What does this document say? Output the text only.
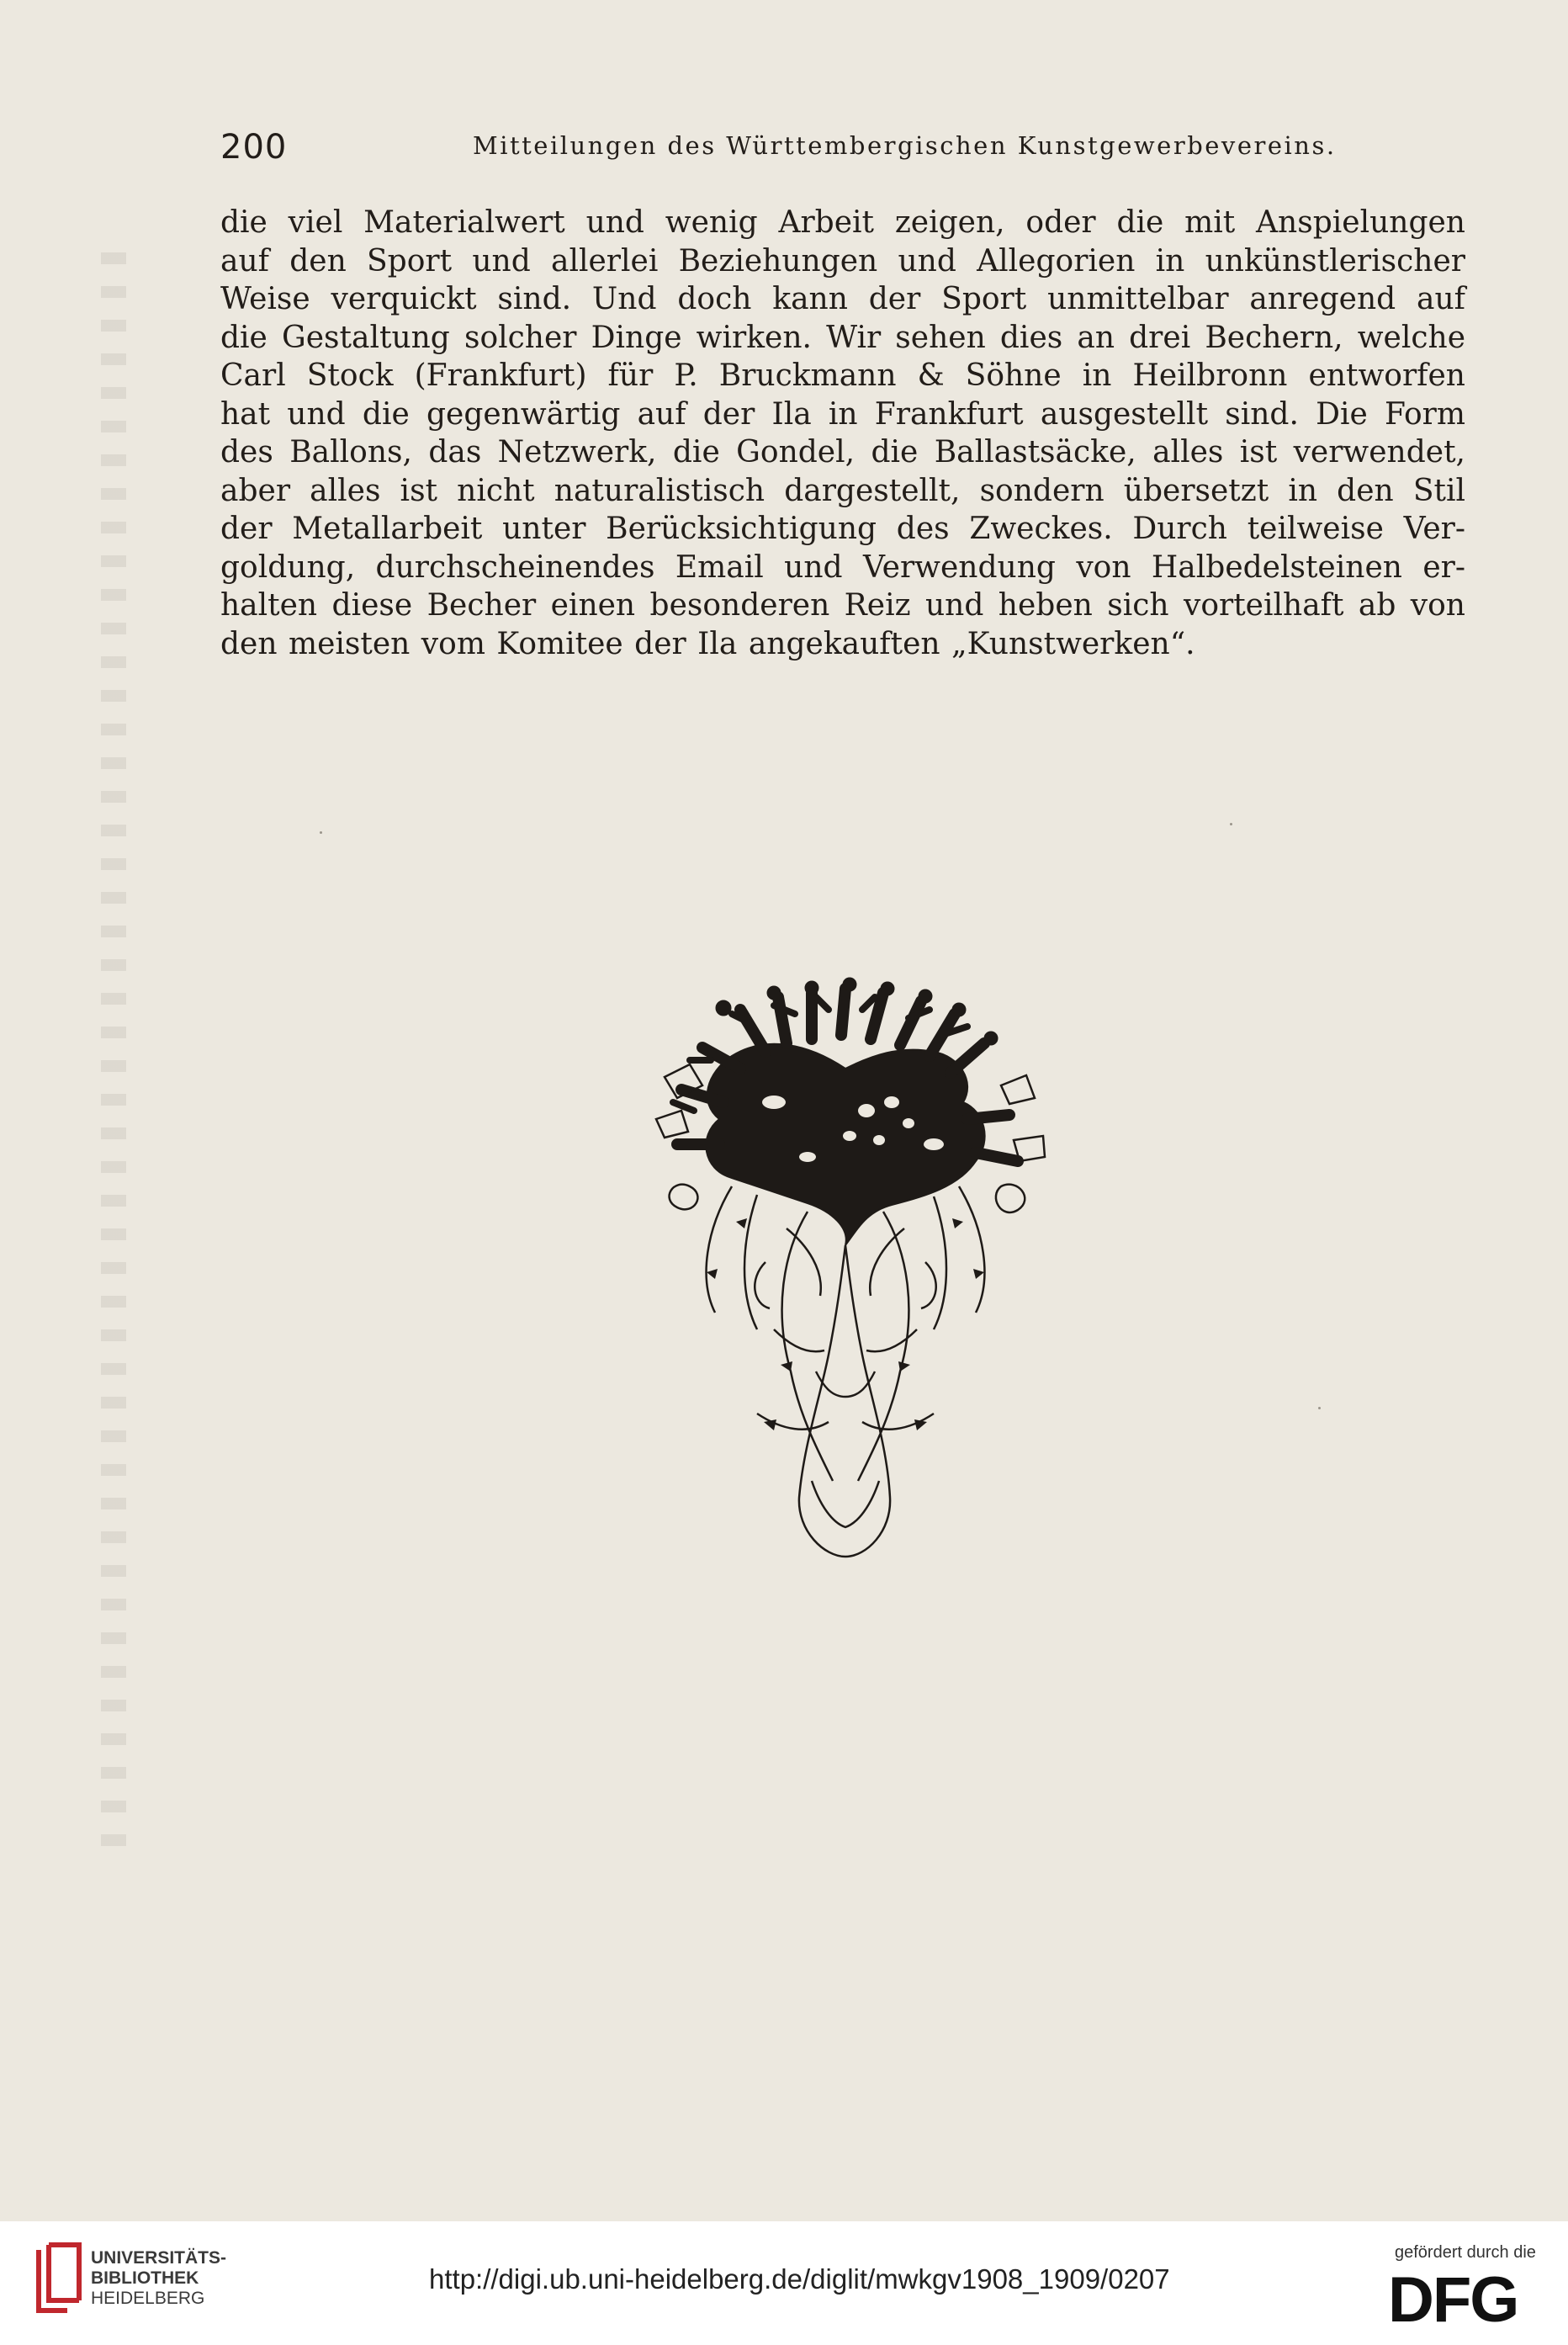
200	Mitteilungen des Württembergischen Kunstgewerbevereins.
die viel Materialwert und wenig Arbeit zeigen, oder die mit Anspielungen
auf den Sport und allerlei Beziehungen und Allegorien in unkünstlerischer
Weise verquickt sind. Und doch kann der Sport unmittelbar anregend auf
die Gestaltung solcher Dinge wirken. Wir sehen dies an drei Bechern, welche
Carl Stock (Frankfurt) für P. Bruckmann & Söhne in Heilbronn entworfen
hat und die gegenwärtig auf der Ila in Frankfurt ausgestellt sind. Die Form
des Ballons, das Netzwerk, die Gondel, die Ballastsäcke, alles ist verwendet,
aber alles ist nicht naturalistisch dargestellt, sondern übersetzt in den Stil
der Metallarbeit unter Berücksichtigung des Zweckes. Durch teilweise Ver-
goldung, durchscheinendes Email und Verwendung von Halbedelsteinen er-
halten diese Becher einen besonderen Reiz und heben sich vorteilhaft ab von
den meisten vom Komitee der Ila angekauften „Kunstwerken“.
UNIVERSITÄTS-
BIBLIOTHEK
HEIDELBERG
http://digi.ub.uni-heidelberg.de/diglit/mwkgv1908_1909/0207
gefördert durch die
DFG
